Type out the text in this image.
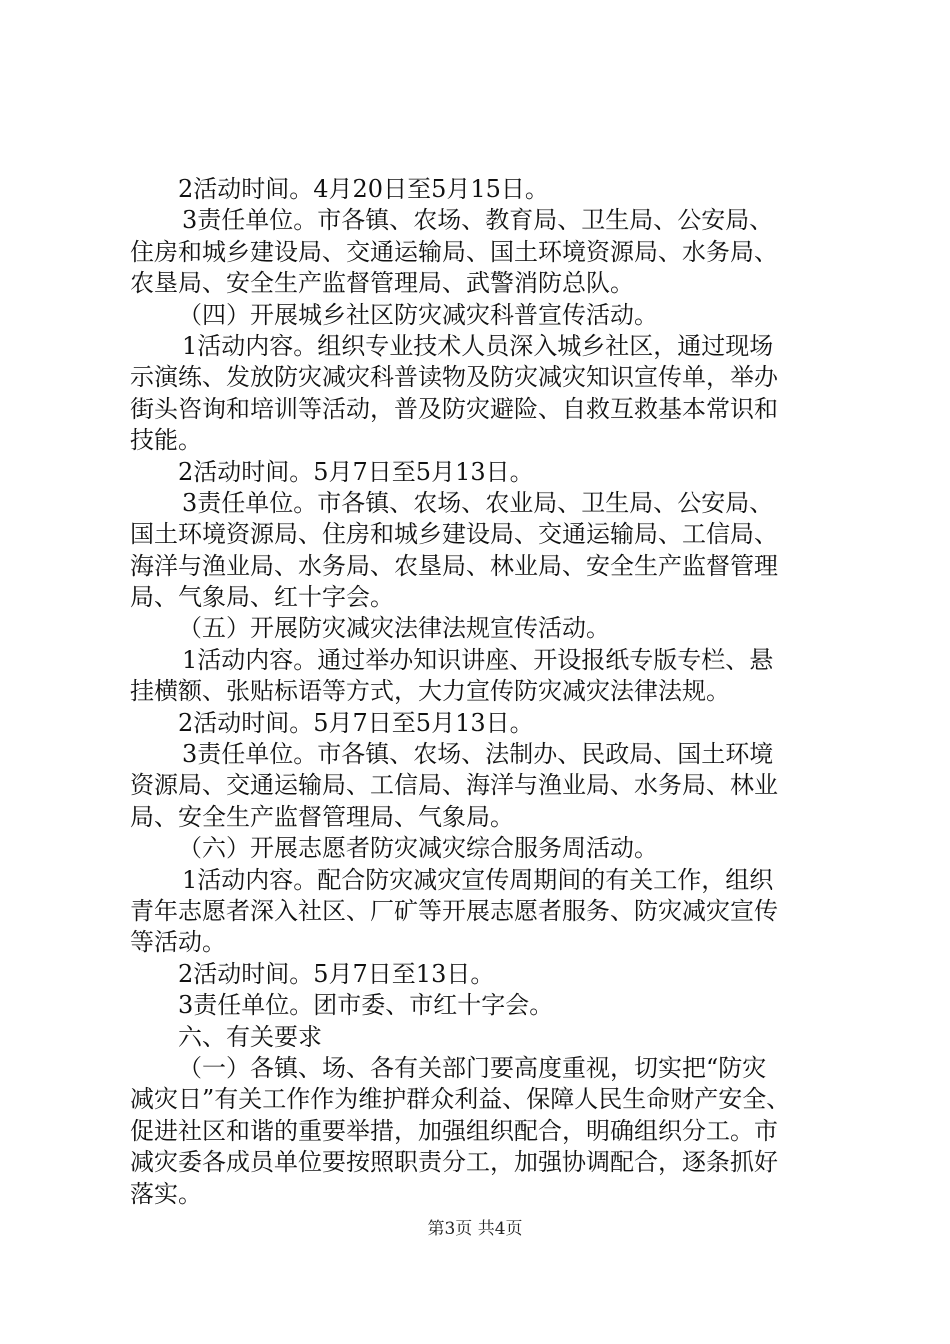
2活动时间。4月20日至5月15日。
3责任单位。市各镇、农场、教育局、卫生局、公安局、
住房和城乡建设局、交通运输局、国土环境资源局、水务局、
农垦局、安全生产监督管理局、武警消防总队。
（四）开展城乡社区防灾减灾科普宣传活动。
1活动内容。组织专业技术人员深入城乡社区，通过现场
示演练、发放防灾减灾科普读物及防灾减灾知识宣传单，举办
街头咨询和培训等活动，普及防灾避险、自救互救基本常识和
技能。
2活动时间。5月7日至5月13日。
3责任单位。市各镇、农场、农业局、卫生局、公安局、
国土环境资源局、住房和城乡建设局、交通运输局、工信局、
海洋与渔业局、水务局、农垦局、林业局、安全生产监督管理
局、气象局、红十字会。
（五）开展防灾减灾法律法规宣传活动。
1活动内容。通过举办知识讲座、开设报纸专版专栏、悬
挂横额、张贴标语等方式，大力宣传防灾减灾法律法规。
2活动时间。5月7日至5月13日。
3责任单位。市各镇、农场、法制办、民政局、国土环境
资源局、交通运输局、工信局、海洋与渔业局、水务局、林业
局、安全生产监督管理局、气象局。
（六）开展志愿者防灾减灾综合服务周活动。
1活动内容。配合防灾减灾宣传周期间的有关工作，组织
青年志愿者深入社区、厂矿等开展志愿者服务、防灾减灾宣传
等活动。
2活动时间。5月7日至13日。
3责任单位。团市委、市红十字会。
六、有关要求
（一）各镇、场、各有关部门要高度重视，切实把“防灾
减灾日”有关工作作为维护群众利益、保障人民生命财产安全、
促进社区和谐的重要举措，加强组织配合，明确组织分工。市
减灾委各成员单位要按照职责分工，加强协调配合，逐条抓好
落实。
第3页 共4页
